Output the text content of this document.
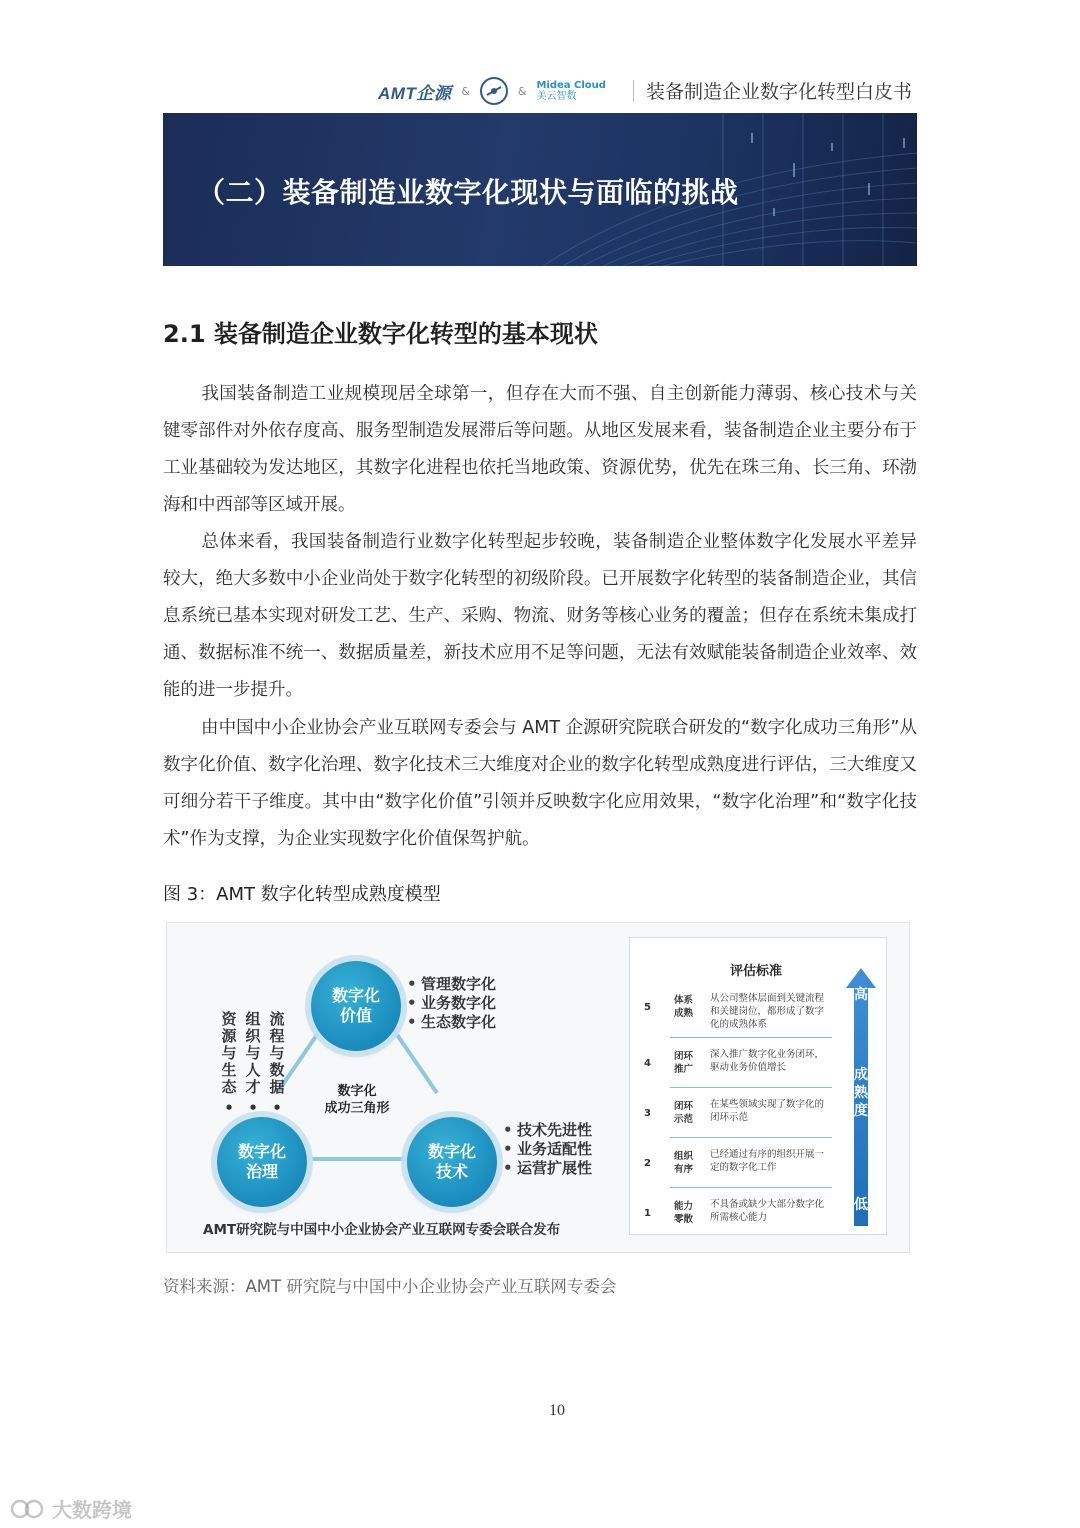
AMT企源 &	& Midea Cloud
美云智数	装备制造企业数字化转型白皮书
（二）装备制造业数字化现状与面临的挑战
2.1 装备制造企业数字化转型的基本现状
我国装备制造工业规模现居全球第一，但存在大而不强、自主创新能力薄弱、核心技术与关键零部件对外依存度高、服务型制造发展滞后等问题。从地区发展来看，装备制造企业主要分布于工业基础较为发达地区，其数字化进程也依托当地政策、资源优势，优先在珠三角、长三角、环渤海和中西部等区域开展。
总体来看，我国装备制造行业数字化转型起步较晚，装备制造企业整体数字化发展水平差异较大，绝大多数中小企业尚处于数字化转型的初级阶段。已开展数字化转型的装备制造企业，其信息系统已基本实现对研发工艺、生产、采购、物流、财务等核心业务的覆盖；但存在系统未集成打通、数据标准不统一、数据质量差，新技术应用不足等问题，无法有效赋能装备制造企业效率、效能的进一步提升。
由中国中小企业协会产业互联网专委会与 AMT 企源研究院联合研发的“数字化成功三角形”从数字化价值、数字化治理、数字化技术三大维度对企业的数字化转型成熟度进行评估，三大维度又可细分若干子维度。其中由“数字化价值”引领并反映数字化应用效果，“数字化治理”和“数字化技术”作为支撑，为企业实现数字化价值保驾护航。
图 3：AMT 数字化转型成熟度模型
数字化
价值
数字化
治理
数字化
技术
• 管理数字化
• 业务数字化
• 生态数字化
• 技术先进性
• 业务适配性
• 运营扩展性
资源与生态
•
组织与人才
•
流程与数据
•
数字化
成功三角形
AMT研究院与中国中小企业协会产业互联网专委会联合发布
评估标准
5
体系成熟
从公司整体层面到关键流程和关键岗位，都形成了数字化的成熟体系
4
闭环推广
深入推广数字化业务闭环，驱动业务价值增长
3
闭环示范
在某些领域实现了数字化的闭环示范
2
组织有序
已经通过有序的组织开展一定的数字化工作
1
能力零散
不具备或缺少大部分数字化所需核心能力
高
成熟度
低
资料来源：AMT 研究院与中国中小企业协会产业互联网专委会
10
大数跨境
